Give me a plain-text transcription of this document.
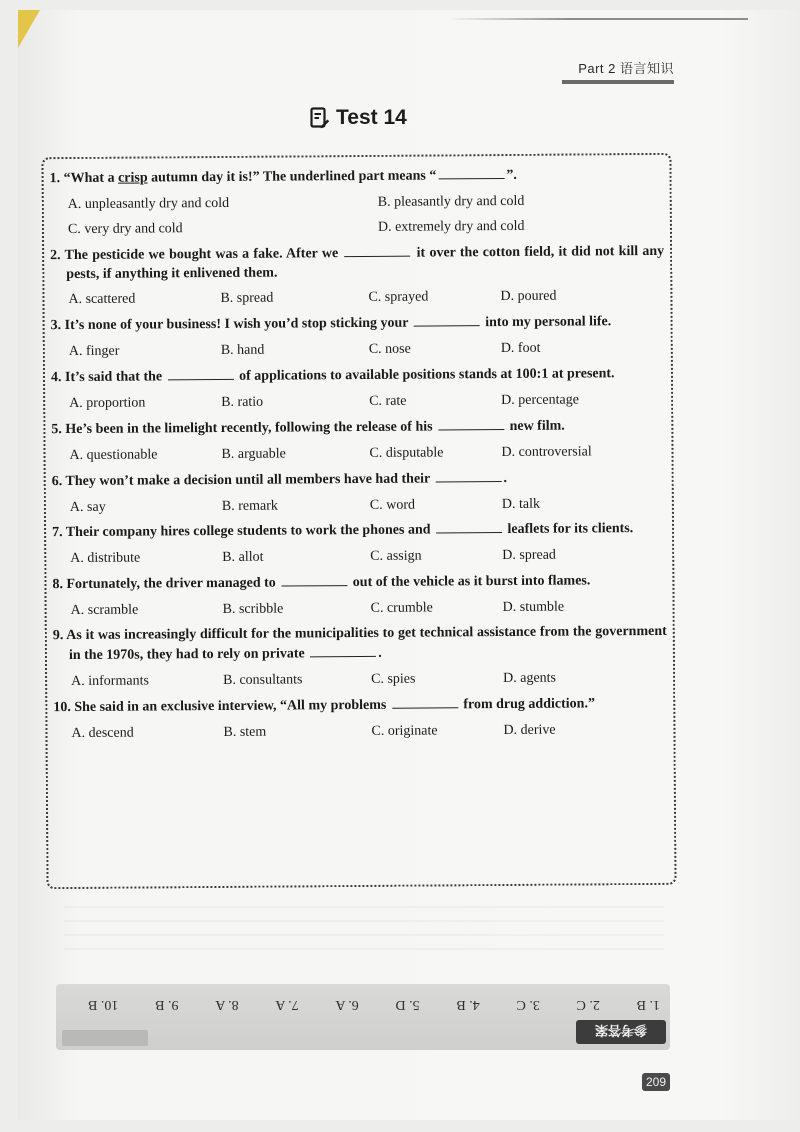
Part 2 语言知识
Test 14
1. “What a crisp autumn day it is!” The underlined part means “	”.
A. unpleasantly dry and cold	B. pleasantly dry and cold
C. very dry and cold	D. extremely dry and cold
2. The pesticide we bought was a fake. After we	it over the cotton field, it did not kill any pests, if anything it enlivened them.
A. scattered	B. spread	C. sprayed	D. poured
3. It’s none of your business! I wish you’d stop sticking your	into my personal life.
A. finger	B. hand	C. nose	D. foot
4. It’s said that the	of applications to available positions stands at 100:1 at present.
A. proportion	B. ratio	C. rate	D. percentage
5. He’s been in the limelight recently, following the release of his	new film.
A. questionable	B. arguable	C. disputable	D. controversial
6. They won’t make a decision until all members have had their	.
A. say	B. remark	C. word	D. talk
7. Their company hires college students to work the phones and	leaflets for its clients.
A. distribute	B. allot	C. assign	D. spread
8. Fortunately, the driver managed to	out of the vehicle as it burst into flames.
A. scramble	B. scribble	C. crumble	D. stumble
9. As it was increasingly difficult for the municipalities to get technical assistance from the government in the 1970s, they had to rely on private	.
A. informants	B. consultants	C. spies	D. agents
10. She said in an exclusive interview, “All my problems	from drug addiction.”
A. descend	B. stem	C. originate	D. derive
1. B
2. C
3. C
4. B
5. D
6. A
7. A
8. A
9. B
10. B
参考答案
209
